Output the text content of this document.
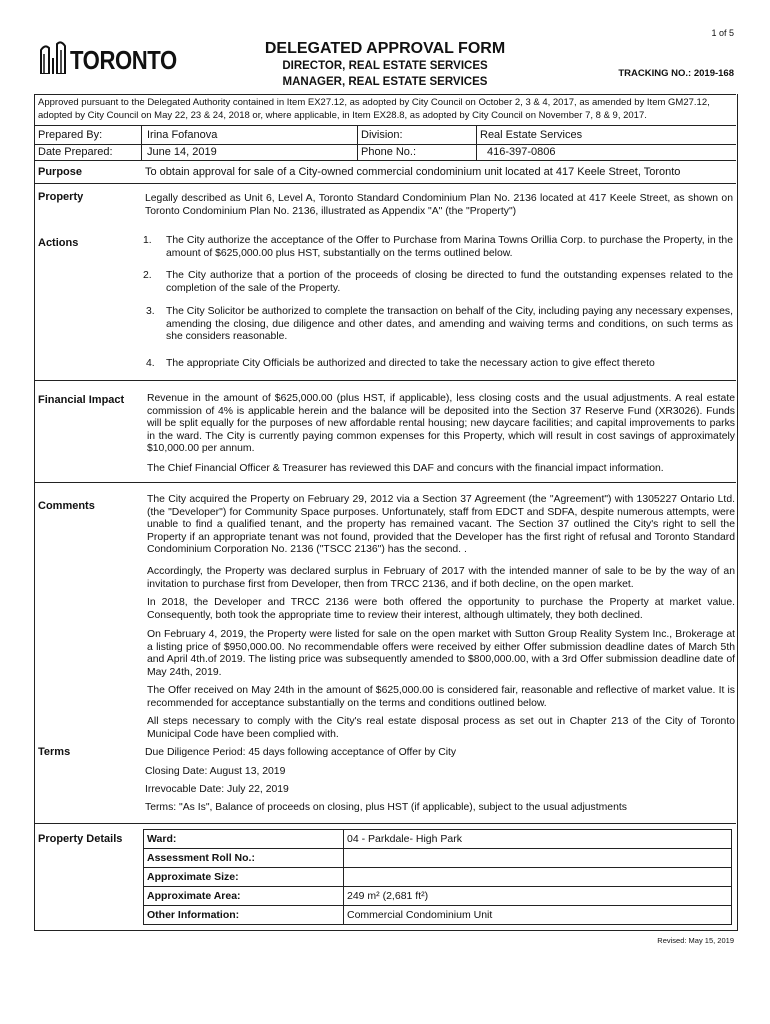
1 of 5
TORONTO	DELEGATED APPROVAL FORM
DIRECTOR, REAL ESTATE SERVICES
MANAGER, REAL ESTATE SERVICES
TRACKING NO.: 2019-168
Approved pursuant to the Delegated Authority contained in Item EX27.12, as adopted by City Council on October 2, 3 & 4, 2017, as amended by Item GM27.12, adopted by City Council on May 22, 23 & 24, 2018 or, where applicable, in Item EX28.8, as adopted by City Council on November 7, 8 & 9, 2017.
Prepared By:	Irina Fofanova	Division:	Real Estate Services
Date Prepared:	June 14, 2019	Phone No.:	416-397-0806
Purpose	To obtain approval for sale of a City-owned commercial condominium unit located at 417 Keele Street, Toronto
Property	Legally described as Unit 6, Level A, Toronto Standard Condominium Plan No. 2136 located at 417 Keele Street, as shown on Toronto Condominium Plan No. 2136, illustrated as Appendix "A" (the "Property")
Actions	1. The City authorize the acceptance of the Offer to Purchase from Marina Towns Orillia Corp. to purchase the Property, in the amount of $625,000.00 plus HST, substantially on the terms outlined below.
2. The City authorize that a portion of the proceeds of closing be directed to fund the outstanding expenses related to the completion of the sale of the Property.
3. The City Solicitor be authorized to complete the transaction on behalf of the City, including paying any necessary expenses, amending the closing, due diligence and other dates, and amending and waiving terms and conditions, on such terms as she considers reasonable.
4. The appropriate City Officials be authorized and directed to take the necessary action to give effect thereto
Financial Impact Revenue in the amount of $625,000.00 (plus HST, if applicable), less closing costs and the usual adjustments. A real estate commission of 4% is applicable herein and the balance will be deposited into the Section 37 Reserve Fund (XR3026). Funds will be split equally for the purposes of new affordable rental housing; new daycare facilities; and capital improvements to parks in the ward. The City is currently paying common expenses for this Property, which will result in cost savings of approximately $10,000.00 per annum.
The Chief Financial Officer & Treasurer has reviewed this DAF and concurs with the financial impact information.
Comments
The City acquired the Property on February 29, 2012 via a Section 37 Agreement (the "Agreement") with 1305227 Ontario Ltd. (the "Developer") for Community Space purposes. Unfortunately, staff from EDCT and SDFA, despite numerous attempts, were unable to find a qualified tenant, and the property has remained vacant. The Section 37 outlined the City's right to sell the Property if an appropriate tenant was not found, provided that the Developer has the first right of refusal and Toronto Standard Condominium Corporation No. 2136 ("TSCC 2136") has the second. .
Accordingly, the Property was declared surplus in February of 2017 with the intended manner of sale to be by the way of an invitation to purchase first from Developer, then from TRCC 2136, and if both decline, on the open market.
In 2018, the Developer and TRCC 2136 were both offered the opportunity to purchase the Property at market value. Consequently, both took the appropriate time to review their interest, although ultimately, they both declined.
On February 4, 2019, the Property were listed for sale on the open market with Sutton Group Reality System Inc., Brokerage at a listing price of $950,000.00. No recommendable offers were received by either Offer submission deadline dates of March 5th and April 4th.of 2019. The listing price was subsequently amended to $800,000.00, with a 3rd Offer submission deadline date of May 24th, 2019.
The Offer received on May 24th in the amount of $625,000.00 is considered fair, reasonable and reflective of market value. It is recommended for acceptance substantially on the terms and conditions outlined below.
All steps necessary to comply with the City's real estate disposal process as set out in Chapter 213 of the City of Toronto Municipal Code have been complied with.
Terms	Due Diligence Period: 45 days following acceptance of Offer by City
Closing Date: August 13, 2019
Irrevocable Date: July 22, 2019
Terms: "As Is", Balance of proceeds on closing, plus HST (if applicable), subject to the usual adjustments
Property Details Ward:	04 - Parkdale- High Park
Assessment Roll No.:	
Approximate Size:	
Approximate Area:	249 m² (2,681 ft²)
Other Information:	Commercial Condominium Unit
Revised: May 15, 2019
